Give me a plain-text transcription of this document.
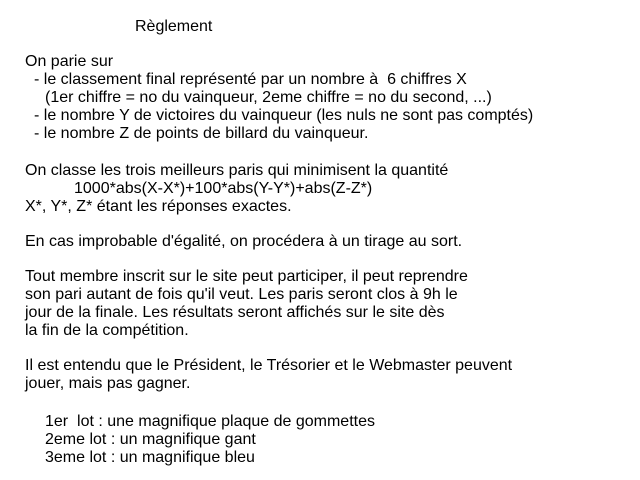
Règlement
On parie sur
- le classement final représenté par un nombre à  6 chiffres X
(1er chiffre = no du vainqueur, 2eme chiffre = no du second, ...)
- le nombre Y de victoires du vainqueur (les nuls ne sont pas comptés)
- le nombre Z de points de billard du vainqueur.
On classe les trois meilleurs paris qui minimisent la quantité
1000*abs(X-X*)+100*abs(Y-Y*)+abs(Z-Z*)
X*, Y*, Z* étant les réponses exactes.
En cas improbable d'égalité, on procédera à un tirage au sort.
Tout membre inscrit sur le site peut participer, il peut reprendre
son pari autant de fois qu'il veut. Les paris seront clos à 9h le
jour de la finale. Les résultats seront affichés sur le site dès
la fin de la compétition.
Il est entendu que le Président, le Trésorier et le Webmaster peuvent
jouer, mais pas gagner.
1er  lot : une magnifique plaque de gommettes
2eme lot : un magnifique gant
3eme lot : un magnifique bleu
